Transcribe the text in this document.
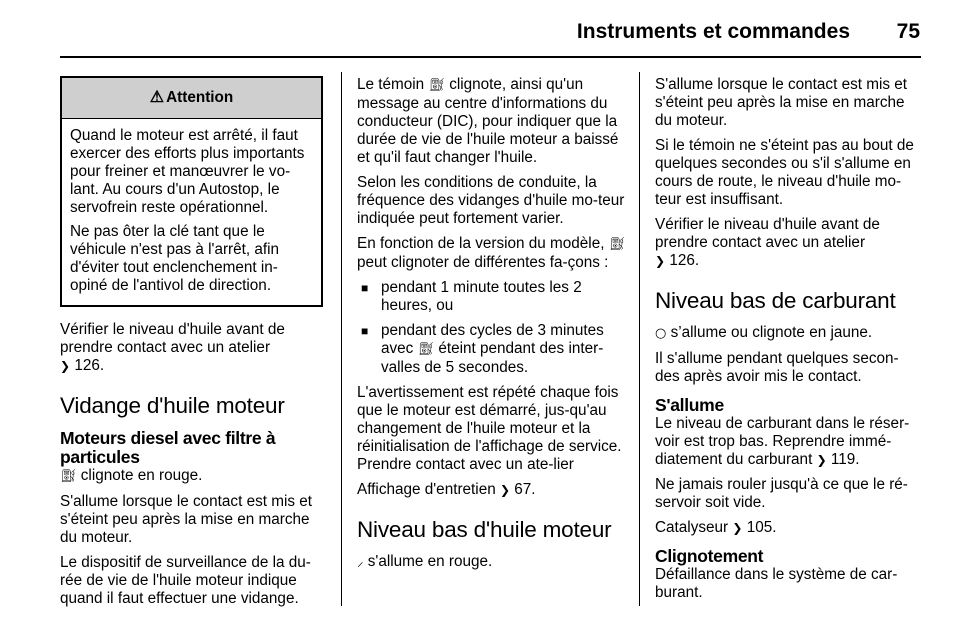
Instruments et commandes 75
⚠ Attention

Quand le moteur est arrêté, il faut exercer des efforts plus importants pour freiner et manœuvrer le vo-lant. Au cours d'un Autostop, le servofrein reste opérationnel.

Ne pas ôter la clé tant que le véhicule n'est pas à l'arrêt, afin d'éviter tout enclenchement in-opiné de l'antivol de direction.

Vérifier le niveau d'huile avant de prendre contact avec un atelier
❯ 126.

Vidange d'huile moteur
Moteurs diesel avec filtre à particules

⛽︎ clignote en rouge.

S'allume lorsque le contact est mis et s'éteint peu après la mise en marche du moteur.

Le dispositif de surveillance de la du-rée de vie de l'huile moteur indique quand il faut effectuer une vidange.

Le témoin ⛽︎ clignote, ainsi qu'un message au centre d'informations du conducteur (DIC), pour indiquer que la durée de vie de l'huile moteur a baissé et qu'il faut changer l'huile.

Selon les conditions de conduite, la fréquence des vidanges d'huile mo-teur indiquée peut fortement varier.

En fonction de la version du modèle, ⛽︎ peut clignoter de différentes fa-çons :

■ pendant 1 minute toutes les 2 heures, ou
■ pendant des cycles de 3 minutes avec ⛽︎ éteint pendant des inter-valles de 5 secondes.

L'avertissement est répété chaque fois que le moteur est démarré, jus-qu'au changement de l'huile moteur et la réinitialisation de l'affichage de service. Prendre contact avec un ate-lier

Affichage d'entretien ❯ 67.

Niveau bas d'huile moteur

⸝ s'allume en rouge.

S'allume lorsque le contact est mis et s'éteint peu après la mise en marche du moteur.

Si le témoin ne s'éteint pas au bout de quelques secondes ou s'il s'allume en cours de route, le niveau d'huile mo-teur est insuffisant.

Vérifier le niveau d'huile avant de prendre contact avec un atelier
❯ 126.

Niveau bas de carburant

○ s’allume ou clignote en jaune.

Il s'allume pendant quelques secon-des après avoir mis le contact.

S'allume

Le niveau de carburant dans le réser-voir est trop bas. Reprendre immé-diatement du carburant ❯ 119.

Ne jamais rouler jusqu'à ce que le ré-servoir soit vide.

Catalyseur ❯ 105.

Clignotement

Défaillance dans le système de car-burant.
